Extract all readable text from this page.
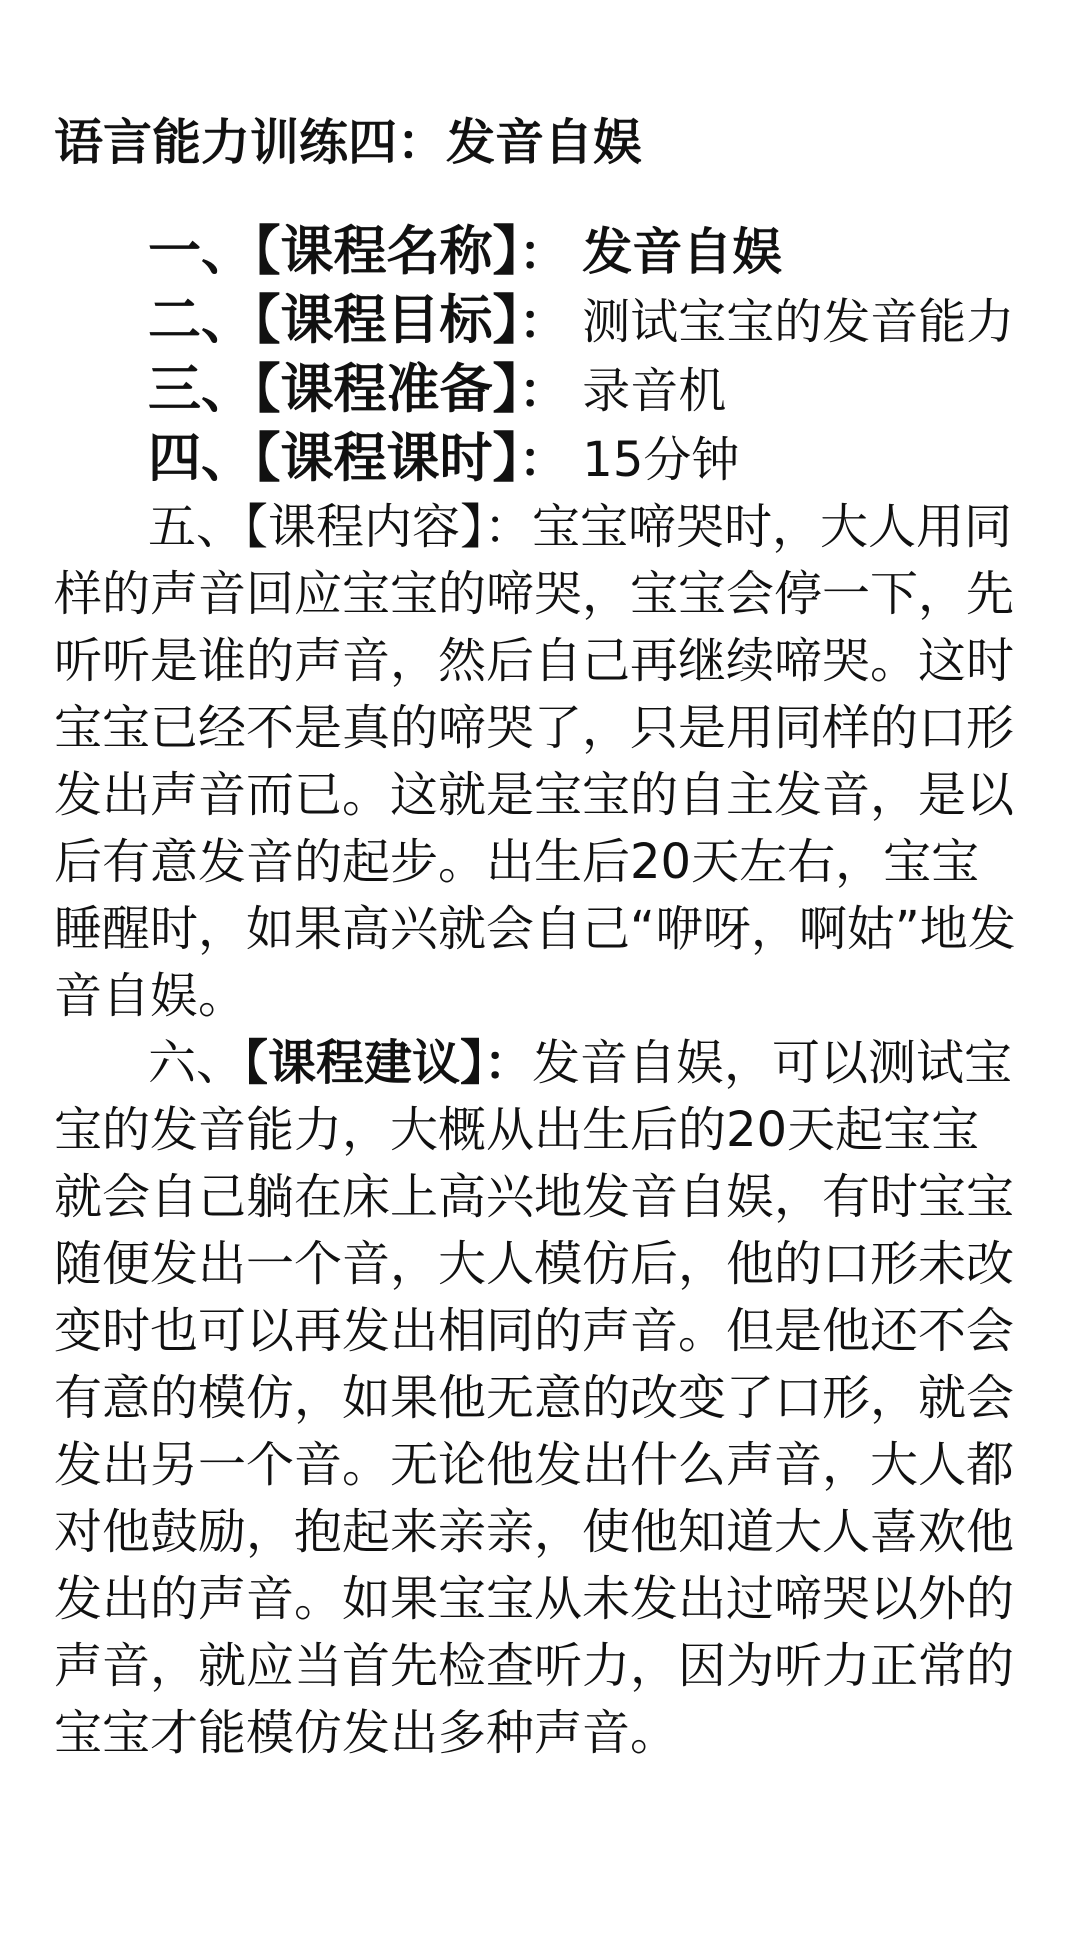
语言能力训练四：发音自娱

一、【课程名称】： 发音自娱

二、【课程目标】： 测试宝宝的发音能力

三、【课程准备】： 录音机

四、【课程课时】： 15分钟

五、【课程内容】：宝宝啼哭时，大人用同样的声音回应宝宝的啼哭，宝宝会停一下，先听听是谁的声音，然后自己再继续啼哭。这时宝宝已经不是真的啼哭了，只是用同样的口形发出声音而已。这就是宝宝的自主发音，是以后有意发音的起步。出生后20天左右，宝宝睡醒时，如果高兴就会自己“咿呀，啊姑”地发音自娱。

六、【课程建议】：发音自娱，可以测试宝宝的发音能力，大概从出生后的20天起宝宝就会自己躺在床上高兴地发音自娱，有时宝宝随便发出一个音，大人模仿后，他的口形未改变时也可以再发出相同的声音。但是他还不会有意的模仿，如果他无意的改变了口形，就会发出另一个音。无论他发出什么声音，大人都对他鼓励，抱起来亲亲，使他知道大人喜欢他发出的声音。如果宝宝从未发出过啼哭以外的声音，就应当首先检查听力，因为听力正常的宝宝才能模仿发出多种声音。
